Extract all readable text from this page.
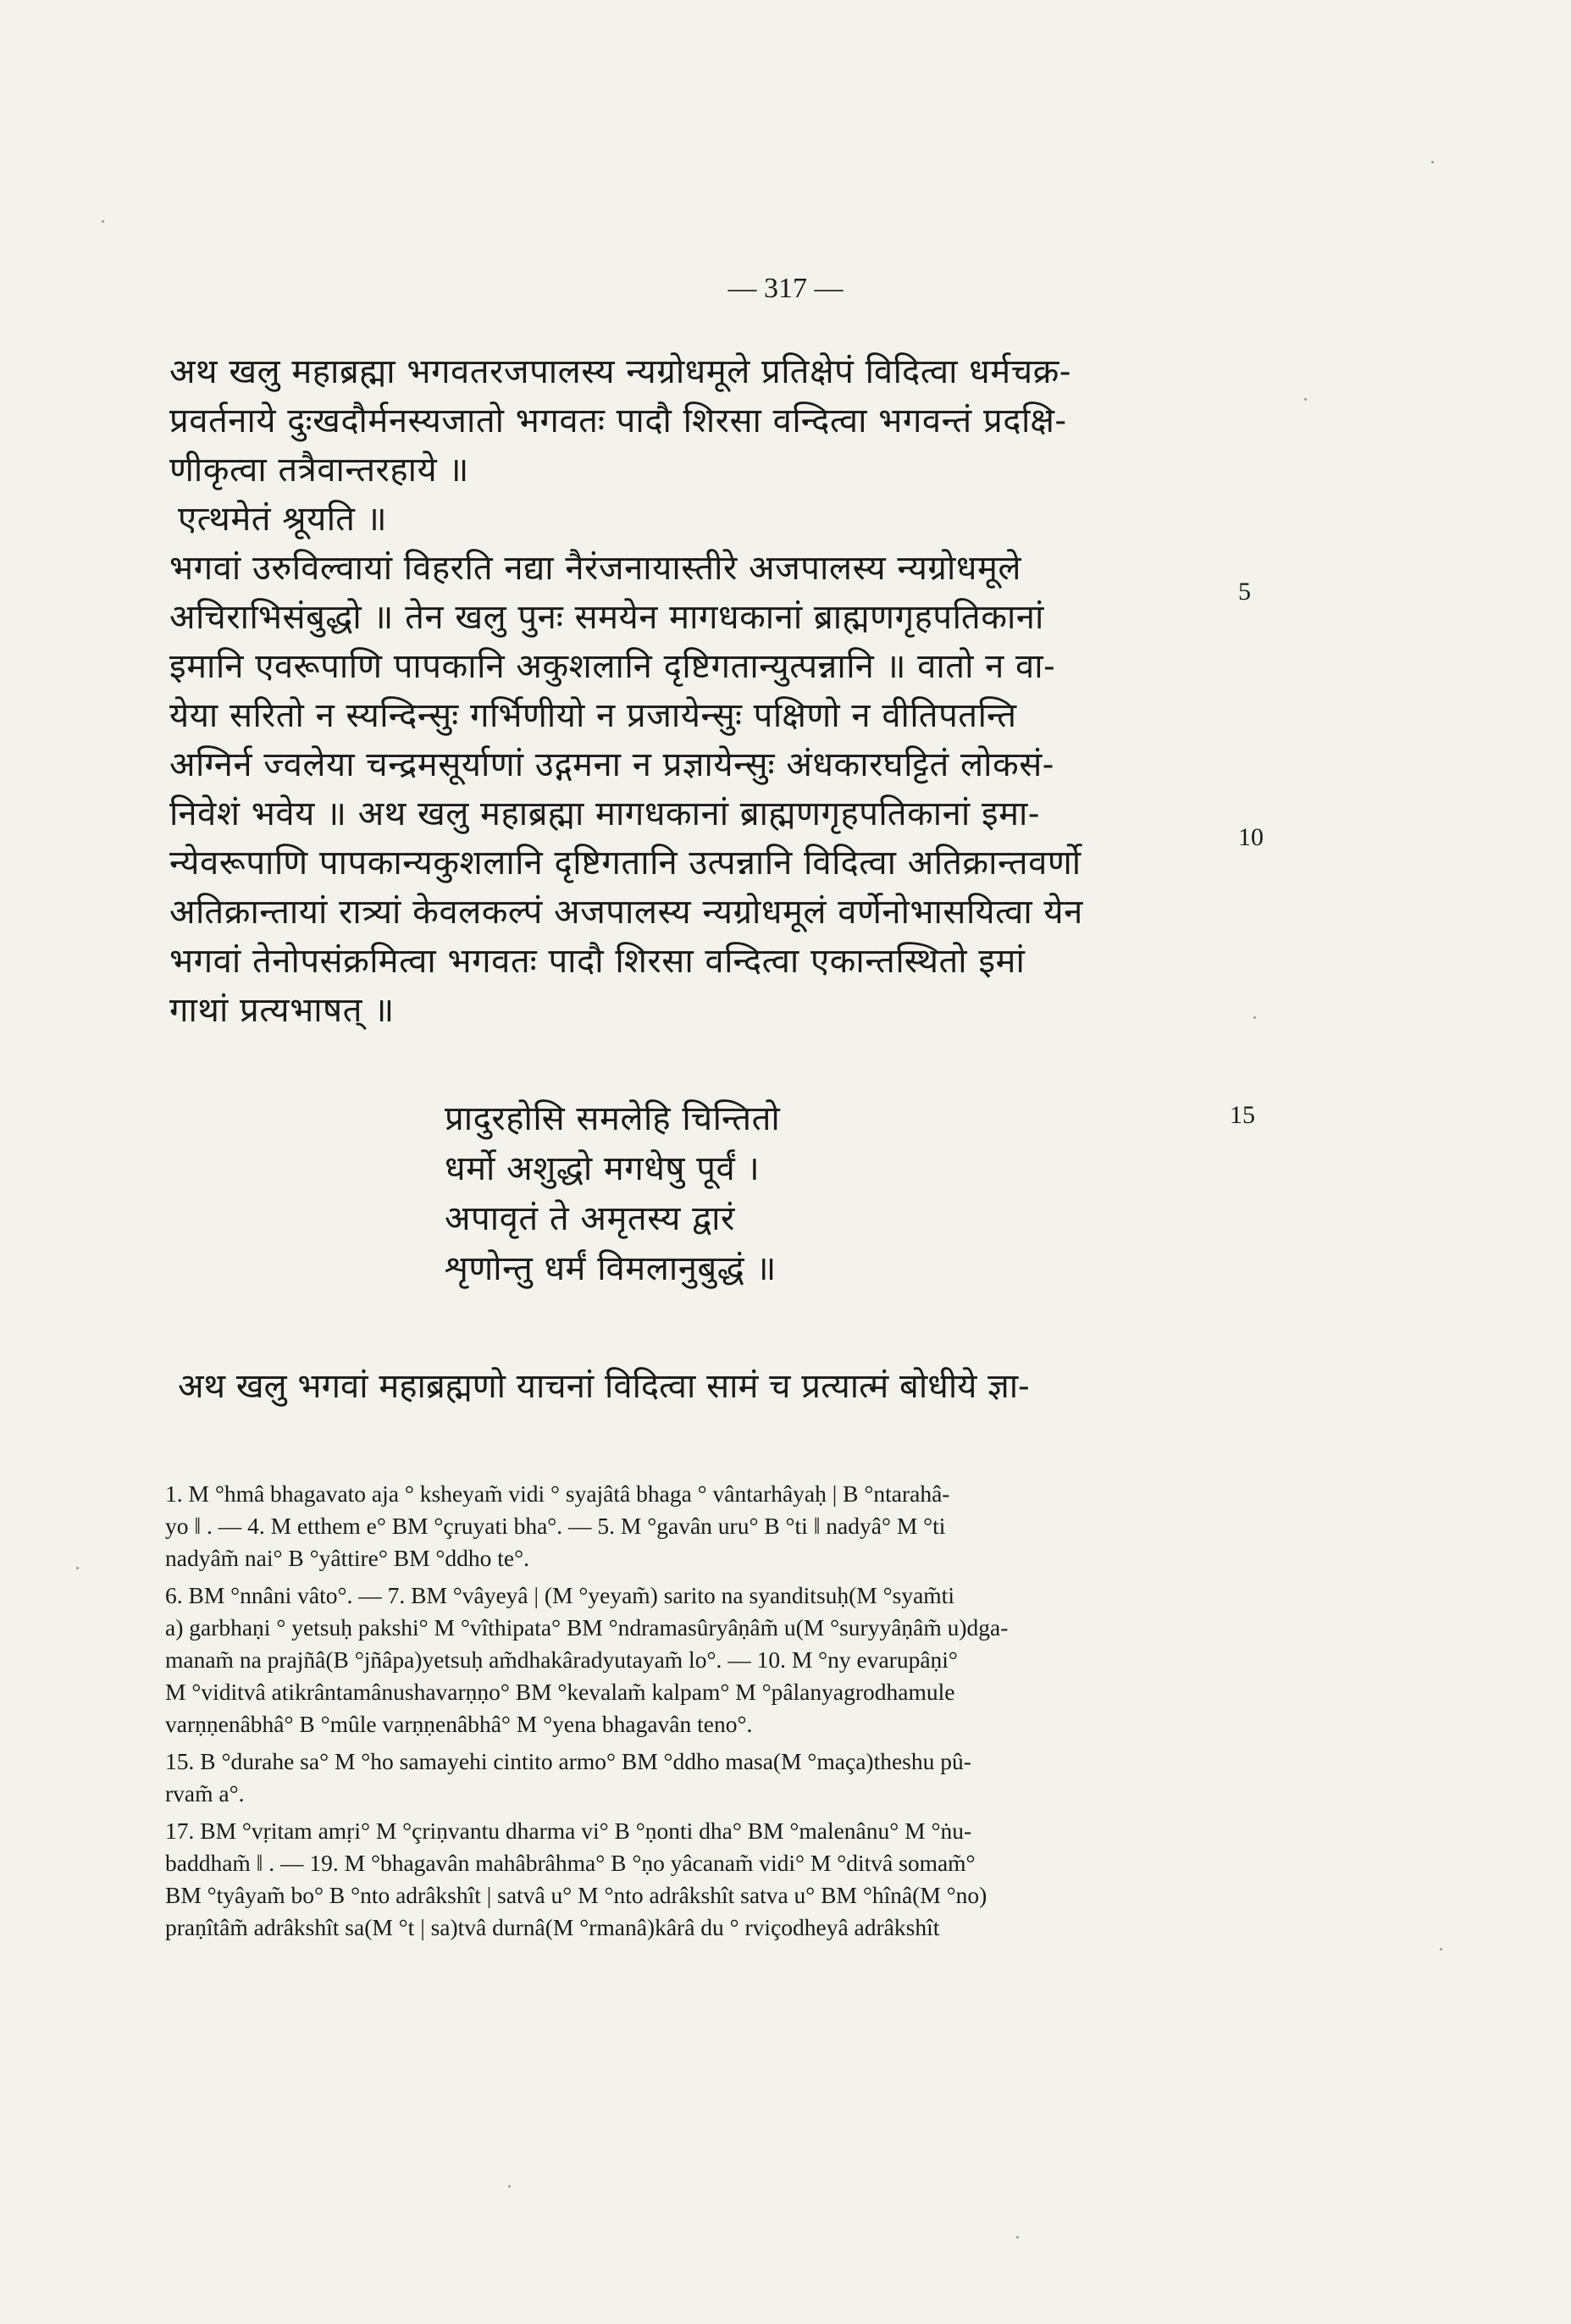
— 317 —
अथ खलु महाब्रह्मा भगवतरजपालस्य न्यग्रोधमूले प्रतिक्षेपं विदित्वा धर्मचक्र-
प्रवर्तनाये दुःखदौर्मनस्यजातो भगवतः पादौ शिरसा वन्दित्वा भगवन्तं प्रदक्षि-
णीकृत्वा तत्रैवान्तरहाये ॥
एत्थमेतं श्रूयति ॥
भगवां उरुविल्वायां विहरति नद्या नैरंजनायास्तीरे अजपालस्य न्यग्रोधमूले
अचिराभिसंबुद्धो ॥ तेन खलु पुनः समयेन मागधकानां ब्राह्मणगृहपतिकानां
इमानि एवरूपाणि पापकानि अकुशलानि दृष्टिगतान्युत्पन्नानि ॥ वातो न वा-
येया सरितो न स्यन्दिन्सुः गर्भिणीयो न प्रजायेन्सुः पक्षिणो न वीतिपतन्ति
अग्निर्न ज्वलेया चन्द्रमसूर्याणां उद्गमना न प्रज्ञायेन्सुः अंधकारघट्टितं लोकसं-
निवेशं भवेय ॥ अथ खलु महाब्रह्मा मागधकानां ब्राह्मणगृहपतिकानां इमा-
न्येवरूपाणि पापकान्यकुशलानि दृष्टिगतानि उत्पन्नानि विदित्वा अतिक्रान्तवर्णो
अतिक्रान्तायां रात्र्यां केवलकल्पं अजपालस्य न्यग्रोधमूलं वर्णेनोभासयित्वा येन
भगवां तेनोपसंक्रमित्वा भगवतः पादौ शिरसा वन्दित्वा एकान्तस्थितो इमां
गाथां प्रत्यभाषत् ॥
5
10
प्रादुरहोसि समलेहि चिन्तितो
धर्मो अशुद्धो मगधेषु पूर्वं ।
अपावृतं ते अमृतस्य द्वारं
शृणोन्तु धर्मं विमलानुबुद्धं ॥
15
अथ खलु भगवां महाब्रह्मणो याचनां विदित्वा सामं च प्रत्यात्मं बोधीये ज्ञा-

1. M °hmâ bhagavato aja ° ksheyam̃ vidi ° syajâtâ bhaga ° vântarhâyaḥ | B °ntarahâ-

yo ‖ . — 4. M etthem e° BM °çruyati bha°. — 5. M °gavân uru° B °ti ‖ nadyâ° M °ti

nadyâm̃ nai° B °yâttire° BM °ddho te°.

6. BM °nnâni vâto°. — 7. BM °vâyeyâ | (M °yeyam̃) sarito na syanditsuḥ(M °syam̃ti

a) garbhaṇi ° yetsuḥ pakshi° M °vîthipata° BM °ndramasûryâṇâm̃ u(M °suryyâṇâm̃ u)dga-

manam̃ na prajñâ(B °jñâpa)yetsuḥ am̃dhakâradyutayam̃ lo°. — 10. M °ny evarupâṇi°

M °viditvâ atikrântamânushavarṇṇo° BM °kevalam̃ kalpam° M °pâlanyagrodhamule

varṇṇenâbhâ° B °mûle varṇṇenâbhâ° M °yena bhagavân teno°.

15. B °durahe sa° M °ho samayehi cintito armo° BM °ddho masa(M °maça)theshu pû-

rvam̃ a°.

17. BM °vṛitam amṛi° M °çriṇvantu dharma vi° B °ṇonti dha° BM °malenânu° M °ṅu-

baddham̃ ‖ . — 19. M °bhagavân mahâbrâhma° B °ṇo yâcanam̃ vidi° M °ditvâ somam̃°

BM °tyâyam̃ bo° B °nto adrâkshît | satvâ u° M °nto adrâkshît satva u° BM °hînâ(M °no)

praṇîtâm̃ adrâkshît sa(M °t | sa)tvâ durnâ(M °rmanâ)kârâ du ° rviçodheyâ adrâkshît
